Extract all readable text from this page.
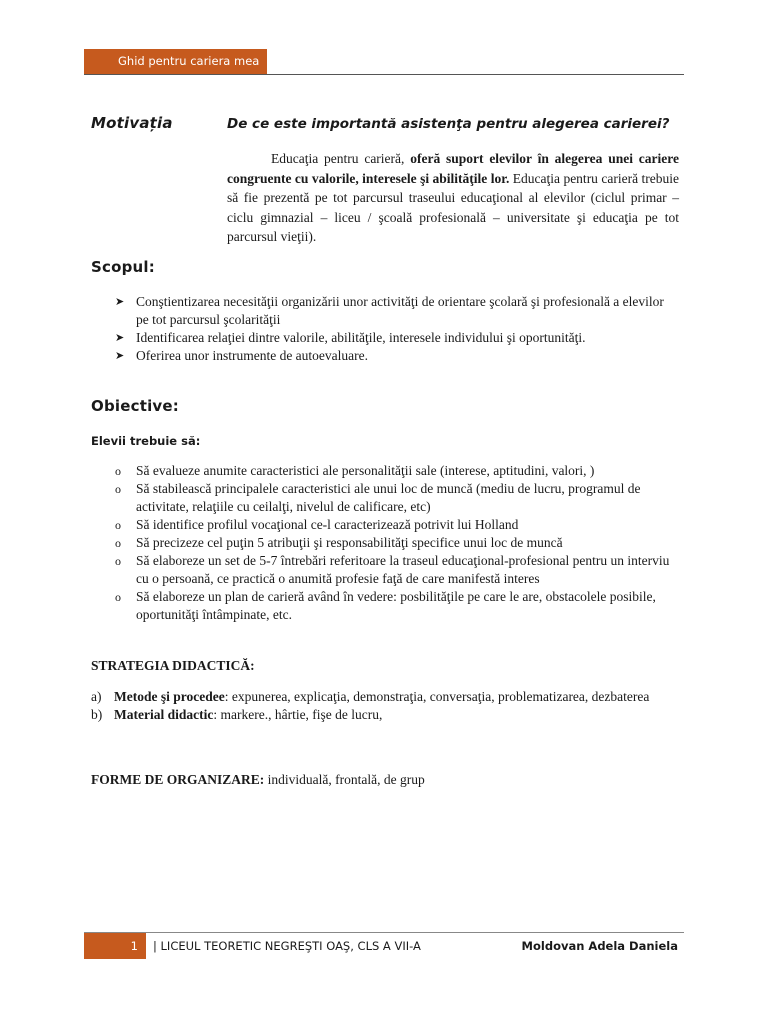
Ghid pentru cariera mea
Motivația	De ce este importantă asistenţa pentru alegerea carierei?
Educaţia pentru carieră, oferă suport elevilor în alegerea unei cariere congruente cu valorile, interesele şi abilităţile lor. Educaţia pentru carieră trebuie să fie prezentă pe tot parcursul traseului educaţional al elevilor (ciclul primar – ciclu gimnazial – liceu / şcoală profesională – universitate şi educaţia pe tot parcursul vieţii).
Scopul:
➤ Conştientizarea necesităţii organizării unor activităţi de orientare şcolară şi profesională a elevilor pe tot parcursul şcolarităţii
➤ Identificarea relaţiei dintre valorile, abilităţile, interesele individului şi oportunităţi.
➤ Oferirea unor instrumente de autoevaluare.
Obiective:
Elevii trebuie să:
o Să evalueze anumite caracteristici ale personalităţii sale (interese, aptitudini, valori, )
o Să stabilească principalele caracteristici ale unui loc de muncă (mediu de lucru, programul de activitate, relaţiile cu ceilalţi, nivelul de calificare, etc)
o Să identifice profilul vocaţional ce-l caracterizează potrivit lui Holland
o Să precizeze cel puţin 5 atribuţii şi responsabilităţi specifice unui loc de muncă
o Să elaboreze un set de 5-7 întrebări referitoare la traseul educaţional-profesional pentru un interviu cu o persoană, ce practică o anumită profesie faţă de care manifestă interes
o Să elaboreze un plan de carieră având în vedere: posbilităţile pe care le are, obstacolele posibile, oportunităţi întâmpinate, etc.
STRATEGIA DIDACTICĂ:
a) Metode şi procedee: expunerea, explicaţia, demonstraţia, conversaţia, problematizarea, dezbaterea
b) Material didactic: markere., hârtie, fişe de lucru,
FORME DE ORGANIZARE: individuală, frontală, de grup
1	| LICEUL TEORETIC NEGREŞTI OAŞ, CLS A VII-A	Moldovan Adela Daniela
